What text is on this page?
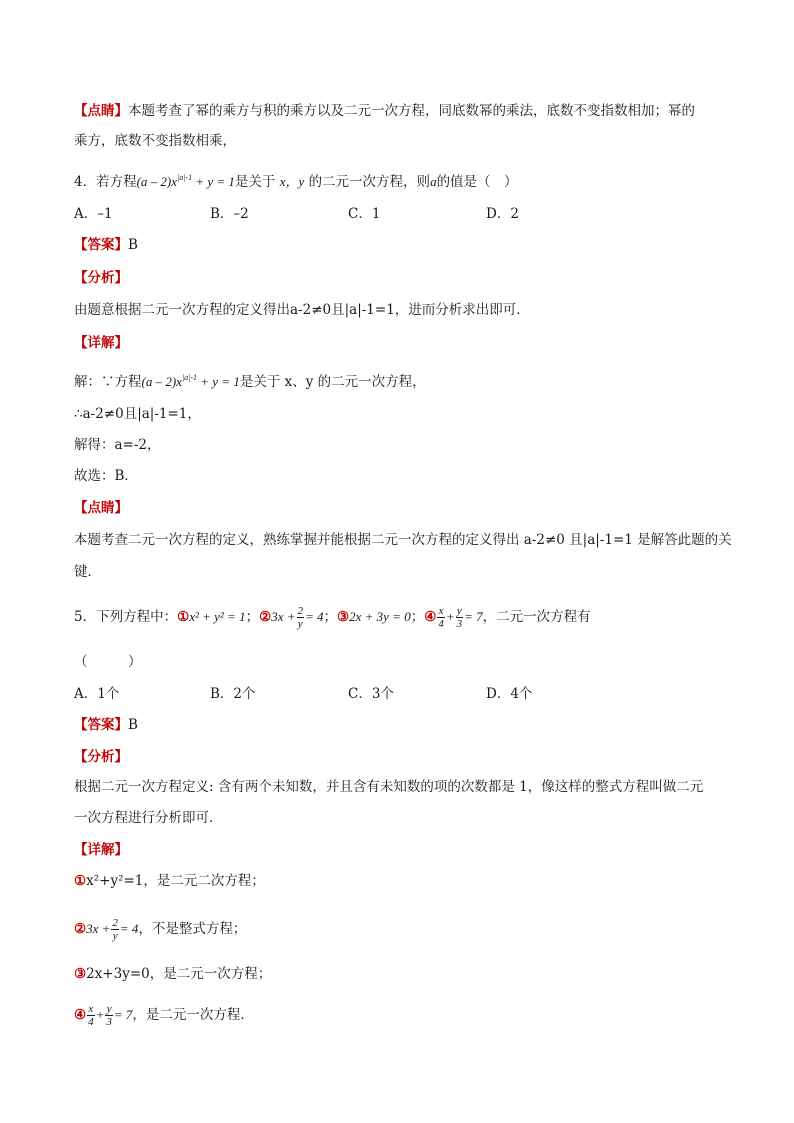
【点睛】本题考查了幂的乘方与积的乘方以及二元一次方程，同底数幂的乘法，底数不变指数相加；幂的
乘方，底数不变指数相乘，
4．若方程$(a - 2)x^{|a|-1} + y = 1$是关于 x，y 的二元一次方程，则a的值是（　）
A．–1	B．–2	C．1	D．2
【答案】B
【分析】
由题意根据二元一次方程的定义得出a-2≠0且|a|-1=1，进而分析求出即可．
【详解】
解：∵方程$(a - 2)x^{|a|-1} + y = 1$是关于 x、y 的二元一次方程，
∴a-2≠0且|a|-1=1，
解得：a=-2，
故选：B．
【点睛】
本题考查二元一次方程的定义，熟练掌握并能根据二元一次方程的定义得出 a-2≠0 且|a|-1=1 是解答此题的关
键．
5．下列方程中：①x² + y² = 1；②3x + $\frac{2}{y} = 4$；③2x + 3y = 0；④ $\frac{x}{4} + \frac{y}{3} = 7$，二元一次方程有
（　　　）
A．1个	B．2个	C．3个	D．4个
【答案】B
【分析】
根据二元一次方程定义: 含有两个未知数，并且含有未知数的项的次数都是 1，像这样的整式方程叫做二元
一次方程进行分析即可．
【详解】
①x²+y²=1，是二元二次方程；
②3x + $\frac{2}{y} = 4$，不是整式方程；
③2x+3y=0，是二元一次方程；
④ $\frac{x}{4} + \frac{y}{3} = 7$，是二元一次方程．
